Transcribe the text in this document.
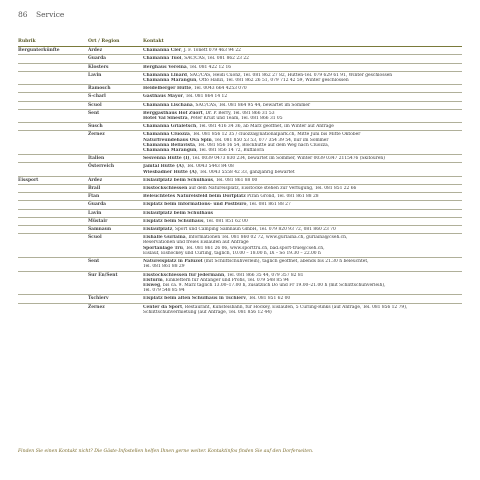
86 Service
Rubrik	Ort / Region	Kontakt
Bergunterkünfte	Ardez	Chamanna Cler, J. F. Tonett 079 463 94 22

	Guarda	Chamanna Tuoi, SAC/CAS, Tel. 081 862 23 22

	Klosters	Berghaus Vereina, Tel. 081 422 12 16

	Lavin	Chamanna Linard, SAC/CAS, Heidi Cuonz, Tel. 081 862 27 82, Hütten-Tel. 079 629 61 91, Winter geschlossen
Chamanna Marangun, Otto Hänzi, Tel. 081 862 26 51, 079 712 42 59, Winter geschlossen

	Ramosch	Heidelberger Hütte, Tel. 0043 664 4253 070

	S-charl	Gasthaus Mayor, Tel. 081 864 14 12

	Scuol	Chamanna Lischana, SAC/CAS, Tel. 081 864 95 44, bewartet im Sommer

	Sent	Berggasthaus Hof Zuort, Dr. P. Berry, Tel. 081 866 31 53
Hotel Val Sinestra, Peter Kruit und Team, Tel. 081 866 31 05

	Susch	Chamanna Grialetsch, Tel. 081 416 34 36, ab März geöffnet, im Winter auf Anfrage

	Zernez	Chamanna Cluozza, Tel. 081 856 12 35 / cluozza@nationalpark.ch, Mitte Juni bis Mitte Oktober
Naturfreundehaus Ova Spin, Tel. 081 850 53 53, 077 354 39 54, nur im Sommer
Chamanna Bellavista, Tel. 081 856 16 54, Blockhütte auf dem Weg nach Cluozza,
Chamanna Marangun, Tel. 081 856 14 72, Buffalora

	Italien	Sesvenna Hütte (I), Tel. 0039 0473 830 234, bewartet im Sommer, Winter 0039 0347 2115476 (Skitouren)

	Österreich	Jamtal Hütte (A), Tel. 0043 5443 84 08
Wiesbadner Hütte (A), Tel. 0043 5558 42 33, ganzjährig bewartet

Eissport	Ardez	Eislaufplatz beim Schulhaus, Tel. 081 861 88 00

	Brail	Eisstockschiessen auf dem Natureisplatz, Eisstöcke stehen zur Verfügung, Tel. 081 851 22 66

	Ftan	Beleuchtetes Natureisfeld beim Dorfplatz Piran Grond, Tel. 081 861 88 28

	Guarda	Eisplatz beim Informations- und Postbüro, Tel. 081 861 88 27

	Lavin	Eislaufplatz beim Schulhaus

	Müstair	Eisplatz beim Schulhaus, Tel. 081 851 62 00

	Samnaun	Eislaufplatz, Sport und Camping Samnaun GmbH, Tel. 079 820 93 72, 081 860 23 70

	Scuol	Eishalle Gurlaina, Informationen Tel. 081 860 02 72, www.gurlaina.ch, gurlaina@cseh.ch,
Reservationen und freies Eislaufen auf Anfrage
Sportanlage Trü, Tel. 081 861 26 06, www.sporttrü.ch, bad.sport-true@cseh.ch,
Eislauf, Eishockey und Curling, täglich, 10.00 – 18.00 h, Di – So 19.30 – 22.00 h

	Sent	Natureisplatz in Palüzot (mit Schlittschuhverleih), täglich geöffnet, abends bis 21.30 h beleuchtet,
Tel. 081 861 88 29

	Sur En/Sent	Eisstockschiessen für jedermann, Tel. 081 866 35 44, 079 357 82 81
Eisturm, Einklettern für Anfänger und Profis, Tel. 079 548 85 94
Eisweg, bis ca. 9. März täglich 13.00–17.00 h, zusätzlich Do und Fr 19.00–21.00 h (mit Schlittschuhverleih),
Tel. 079 548 85 94

	Tschierv	Eisplatz beim alten Schulhaus in Tschierv, Tel. 081 851 62 00

	Zernez	Center da Sport, Restaurant, Kunsteisbahn, für Hockey, Eislaufen, 5 Curling-Rinks (auf Anfrage, Tel. 081 856 12 79),
Schlittschuhvermietung (auf Anfrage, Tel. 081 856 12 44)
Finden Sie einen Kontakt nicht? Die Gäste-Infostellen helfen Ihnen gerne weiter. Kontaktinfos finden Sie auf den Dorferseiten.
